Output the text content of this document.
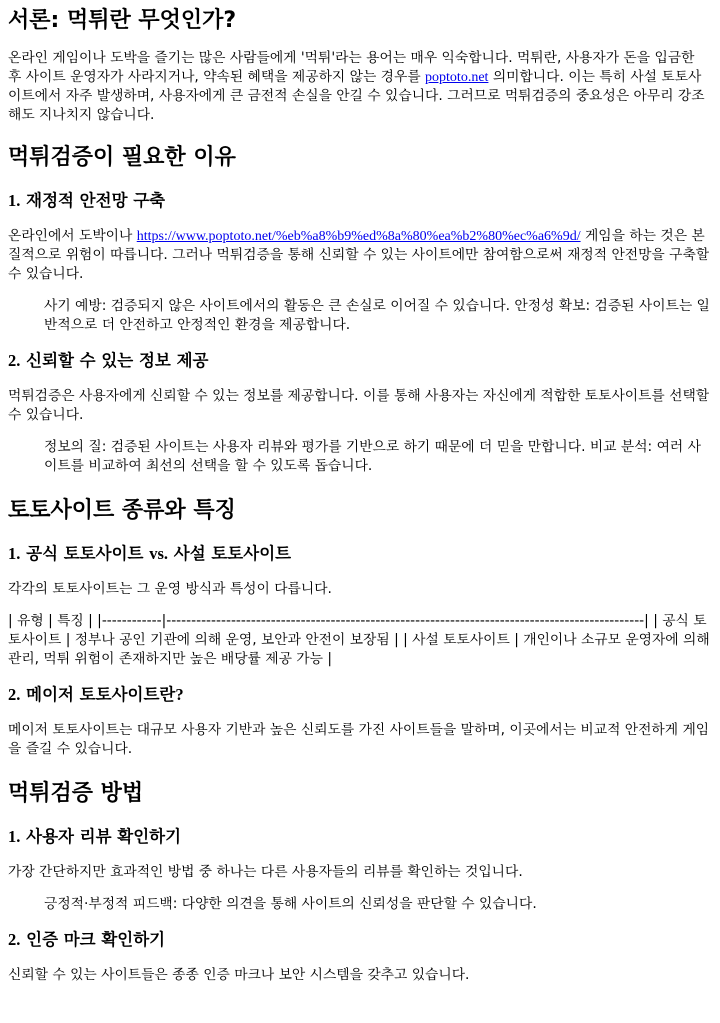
서론: 먹튀란 무엇인가?

온라인 게임이나 도박을 즐기는 많은 사람들에게 '먹튀'라는 용어는 매우 익숙합니다. 먹튀란, 사용자가 돈을 입금한 후 사이트 운영자가 사라지거나, 약속된 혜택을 제공하지 않는 경우를 poptoto.net 의미합니다. 이는 특히 사설 토토사이트에서 자주 발생하며, 사용자에게 큰 금전적 손실을 안길 수 있습니다. 그러므로 먹튀검증의 중요성은 아무리 강조해도 지나치지 않습니다.

먹튀검증이 필요한 이유
1. 재정적 안전망 구축

온라인에서 도박이나 https://www.poptoto.net/%eb%a8%b9%ed%8a%80%ea%b2%80%ec%a6%9d/ 게임을 하는 것은 본질적으로 위험이 따릅니다. 그러나 먹튀검증을 통해 신뢰할 수 있는 사이트에만 참여함으로써 재정적 안전망을 구축할 수 있습니다.

사기 예방: 검증되지 않은 사이트에서의 활동은 큰 손실로 이어질 수 있습니다. 안정성 확보: 검증된 사이트는 일반적으로 더 안전하고 안정적인 환경을 제공합니다.

2. 신뢰할 수 있는 정보 제공

먹튀검증은 사용자에게 신뢰할 수 있는 정보를 제공합니다. 이를 통해 사용자는 자신에게 적합한 토토사이트를 선택할 수 있습니다.

정보의 질: 검증된 사이트는 사용자 리뷰와 평가를 기반으로 하기 때문에 더 믿을 만합니다. 비교 분석: 여러 사이트를 비교하여 최선의 선택을 할 수 있도록 돕습니다.

토토사이트 종류와 특징
1. 공식 토토사이트 vs. 사설 토토사이트

각각의 토토사이트는 그 운영 방식과 특성이 다릅니다.

| 유형 | 특징 | |------------|------------------------------------------------------------------------------------------------| | 공식 토토사이트 | 정부나 공인 기관에 의해 운영, 보안과 안전이 보장됨 | | 사설 토토사이트 | 개인이나 소규모 운영자에 의해 관리, 먹튀 위험이 존재하지만 높은 배당률 제공 가능 |

2. 메이저 토토사이트란?

메이저 토토사이트는 대규모 사용자 기반과 높은 신뢰도를 가진 사이트들을 말하며, 이곳에서는 비교적 안전하게 게임을 즐길 수 있습니다.

먹튀검증 방법
1. 사용자 리뷰 확인하기

가장 간단하지만 효과적인 방법 중 하나는 다른 사용자들의 리뷰를 확인하는 것입니다.

긍정적·부정적 피드백: 다양한 의견을 통해 사이트의 신뢰성을 판단할 수 있습니다.

2. 인증 마크 확인하기

신뢰할 수 있는 사이트들은 종종 인증 마크나 보안 시스템을 갖추고 있습니다.
